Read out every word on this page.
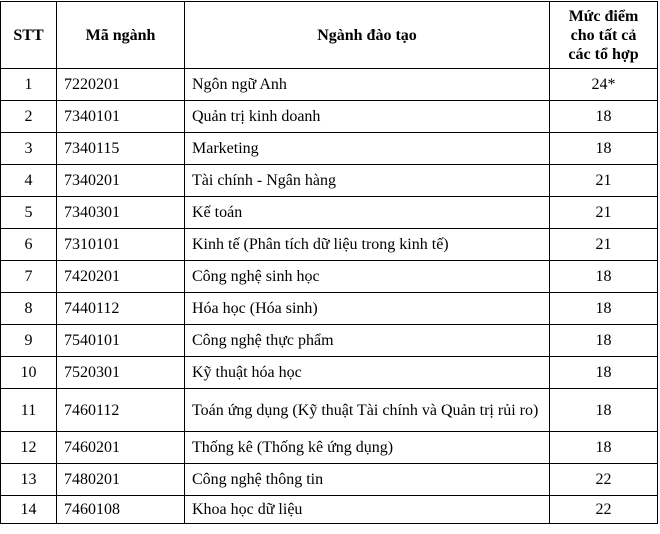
STT	Mã ngành	Ngành đào tạo	Mức điểm
cho tất cả
các tổ hợp
1	7220201	Ngôn ngữ Anh	24*
2	7340101	Quản trị kinh doanh	18
3	7340115	Marketing	18
4	7340201	Tài chính - Ngân hàng	21
5	7340301	Kế toán	21
6	7310101	Kinh tế (Phân tích dữ liệu trong kinh tế)	21
7	7420201	Công nghệ sinh học	18
8	7440112	Hóa học (Hóa sinh)	18
9	7540101	Công nghệ thực phẩm	18
10	7520301	Kỹ thuật hóa học	18
11	7460112	Toán ứng dụng (Kỹ thuật Tài chính và Quản trị rủi ro)	18
12	7460201	Thống kê (Thống kê ứng dụng)	18
13	7480201	Công nghệ thông tin	22
14	7460108	Khoa học dữ liệu	22
